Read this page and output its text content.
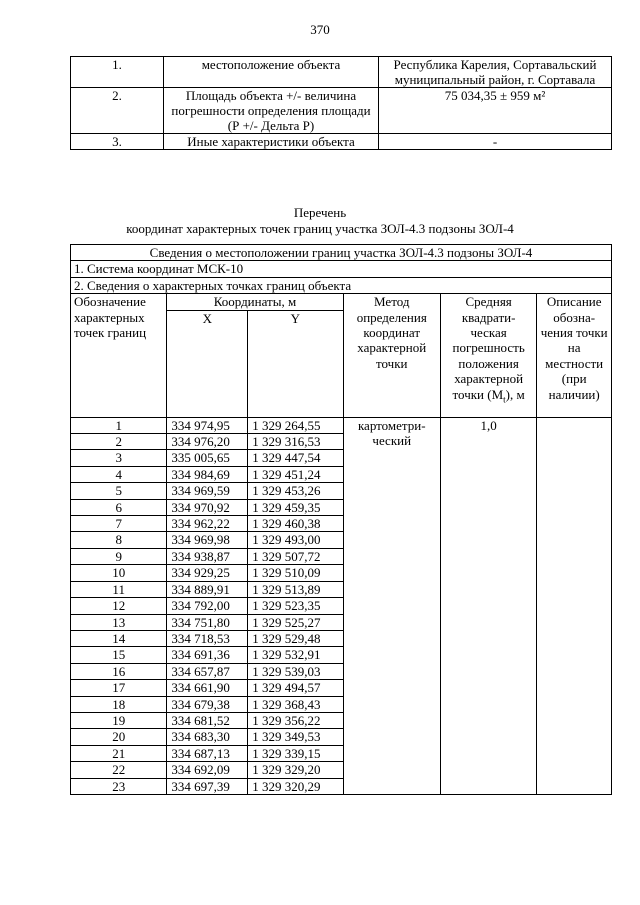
370
1.	местоположение объекта	Республика Карелия, Сортавальский муниципальный район, г. Сортавала
2.	Площадь объекта +/- величина погрешности определения площади (Р +/- Дельта Р)	75 034,35 ± 959 м²
3.	Иные характеристики объекта	-
Перечень
координат характерных точек границ участка ЗОЛ-4.3 подзоны ЗОЛ-4
Сведения о местоположении границ участка ЗОЛ-4.3 подзоны ЗОЛ-4					
1. Система координат МСК-10					
2. Сведения о характерных точках границ объекта					
Обозначение характерных точек границ	Координаты, м		Метод определения координат характерной точки	Средняя квадрати-ческая погрешность положения характерной точки $(M_t)$, м	Описание обозна-чения точки на местности (при наличии)
	X	Y			
1	334 974,95	1 329 264,55	картометри-ческий	1,0	
2	334 976,20	1 329 316,53			
3	335 005,65	1 329 447,54			
4	334 984,69	1 329 451,24			
5	334 969,59	1 329 453,26			
6	334 970,92	1 329 459,35			
7	334 962,22	1 329 460,38			
8	334 969,98	1 329 493,00			
9	334 938,87	1 329 507,72			
10	334 929,25	1 329 510,09			
11	334 889,91	1 329 513,89			
12	334 792,00	1 329 523,35			
13	334 751,80	1 329 525,27			
14	334 718,53	1 329 529,48			
15	334 691,36	1 329 532,91			
16	334 657,87	1 329 539,03			
17	334 661,90	1 329 494,57			
18	334 679,38	1 329 368,43			
19	334 681,52	1 329 356,22			
20	334 683,30	1 329 349,53			
21	334 687,13	1 329 339,15			
22	334 692,09	1 329 329,20			
23	334 697,39	1 329 320,29			
